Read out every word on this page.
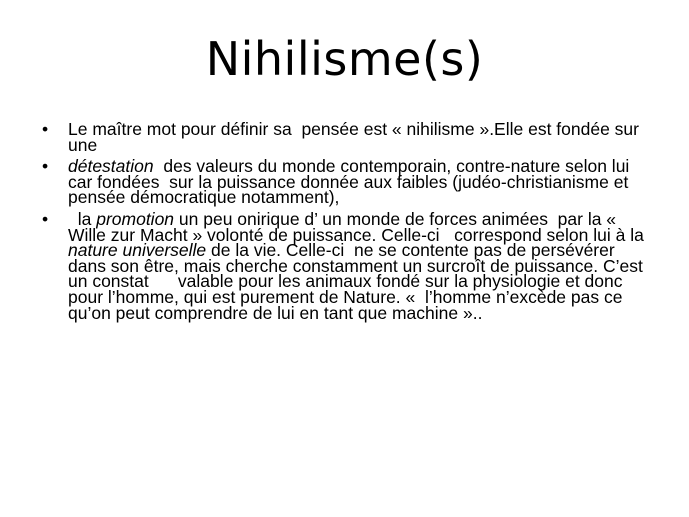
Nihilisme(s)
•	Le maître mot pour définir sa  pensée est « nihilisme ».Elle est fondée sur une
•	détestation  des valeurs du monde contemporain, contre-nature selon lui car fondées  sur la puissance donnée aux faibles (judéo-christianisme et pensée démocratique notamment),
•	la promotion un peu onirique d’ un monde de forces animées  par la « Wille zur Macht » volonté de puissance. Celle-ci   correspond selon lui à la nature universelle de la vie. Celle-ci  ne se contente pas de persévérer dans son être, mais cherche constamment un surcroît de puissance. C’est un constat      valable pour les animaux fondé sur la physiologie et donc pour l’homme, qui est purement de Nature. «  l’homme n’excède pas ce qu’on peut comprendre de lui en tant que machine »..
